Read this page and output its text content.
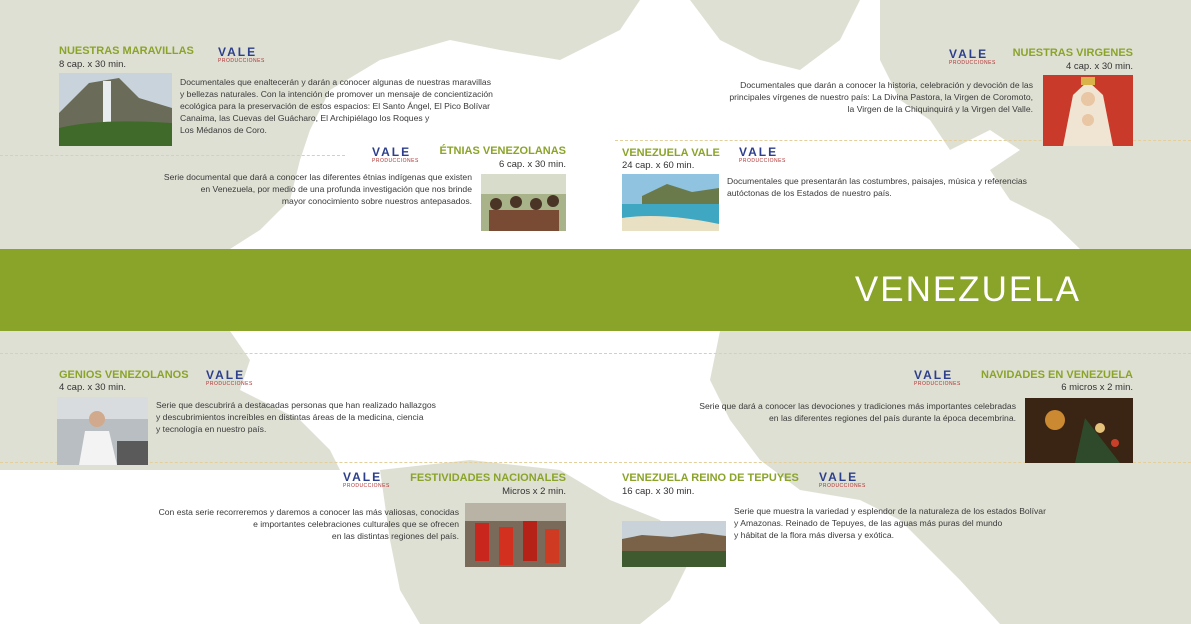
VENEZUELA
NUESTRAS MARAVILLAS
8 cap. x 30 min.
VALE
PRODUCCIONES
Documentales que enaltecerán y darán a conocer algunas de nuestras maravillas
y bellezas naturales. Con la intención de promover un mensaje de concientización
ecológica para la preservación de estos espacios: El Santo Ángel, El Pico Bolívar
Canaima, las Cuevas del Guácharo, El Archipiélago los Roques y
Los Médanos de Coro.
NUESTRAS VIRGENES
4 cap. x 30 min.
VALE
PRODUCCIONES
Documentales que darán a conocer la historia, celebración y devoción de las
principales vírgenes de nuestro país: La Divina Pastora, la Virgen de Coromoto,
la Virgen de la Chiquinquirá y la Virgen del Valle.
VALE
PRODUCCIONES
ÉTNIAS VENEZOLANAS
6 cap. x 30 min.
Serie documental que dará a conocer las diferentes étnias indígenas que existen
en Venezuela, por medio de una profunda investigación que nos brinde
mayor conocimiento sobre nuestros antepasados.
VENEZUELA VALE
24 cap. x 60 min.
VALE
PRODUCCIONES
Documentales que presentarán las costumbres, paisajes, música y referencias
autóctonas de los Estados de nuestro país.
GENIOS VENEZOLANOS
4 cap. x 30 min.
VALE
PRODUCCIONES
Serie que descubrirá a destacadas personas que han realizado hallazgos
y descubrimientos increíbles en distintas áreas de la medicina, ciencia
y tecnología en nuestro país.
VALE
PRODUCCIONES
NAVIDADES EN VENEZUELA
6 micros x 2 min.
Serie que dará a conocer las devociones y tradiciones más importantes celebradas
en las diferentes regiones del país durante la época decembrina.
VALE
PRODUCCIONES
FESTIVIDADES NACIONALES
Micros x 2 min.
Con esta serie recorreremos y daremos a conocer las más valiosas, conocidas
e importantes celebraciones culturales que se ofrecen
en las distintas regiones del país.
VENEZUELA REINO DE TEPUYES
16 cap. x 30 min.
VALE
PRODUCCIONES
Serie que muestra la variedad y esplendor de la naturaleza de los estados Bolívar
y Amazonas. Reinado de Tepuyes, de las aguas más puras del mundo
y hábitat de la flora más diversa y exótica.
